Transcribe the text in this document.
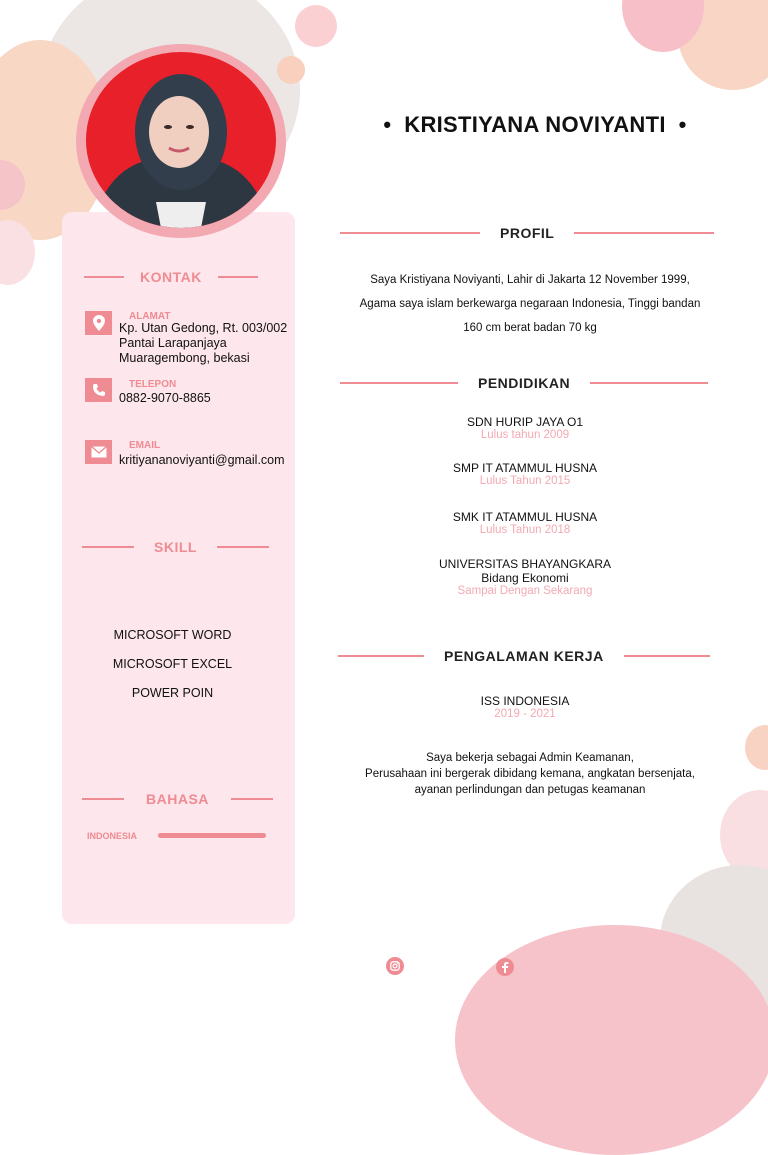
• KRISTIYANA NOVIYANTI •
KONTAK
ALAMAT
Kp. Utan Gedong, Rt. 003/002
Pantai Larapanjaya
Muaragembong, bekasi
TELEPON
0882-9070-8865
EMAIL
kritiyananoviyanti@gmail.com
SKILL
MICROSOFT WORD
MICROSOFT EXCEL
POWER POIN
BAHASA
INDONESIA
PROFIL
Saya Kristiyana Noviyanti, Lahir di Jakarta 12 November 1999,
Agama saya islam berkewarga negaraan Indonesia, Tinggi bandan
160 cm berat badan 70 kg
PENDIDIKAN
SDN HURIP JAYA O1
Lulus tahun 2009
SMP IT ATAMMUL HUSNA
Lulus Tahun 2015
SMK IT ATAMMUL HUSNA
Lulus Tahun 2018
UNIVERSITAS BHAYANGKARA
Bidang Ekonomi
Sampai Dengan Sekarang
PENGALAMAN KERJA
ISS INDONESIA
2019 - 2021
Saya bekerja sebagai Admin Keamanan,
Perusahaan ini bergerak dibidang kemana, angkatan bersenjata,
ayanan perlindungan dan petugas keamanan
